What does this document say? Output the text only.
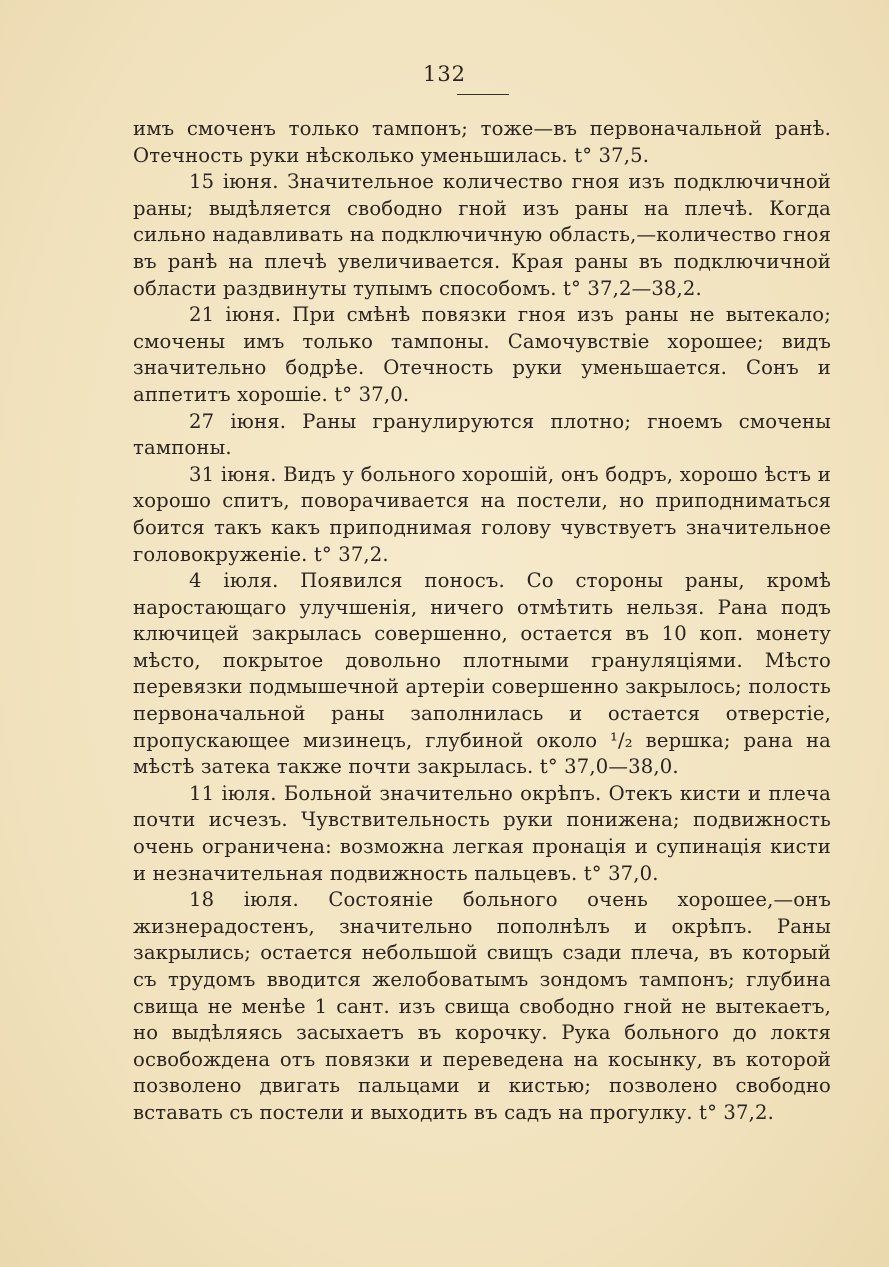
132

имъ смоченъ только тампонъ; тоже—въ первоначальной ранѣ. Отечность руки нѣсколько уменьшилась. t° 37,5.

15 іюня. Значительное количество гноя изъ подключичной раны; выдѣляется свободно гной изъ раны на плечѣ. Когда сильно надавливать на подключичную область,—количество гноя въ ранѣ на плечѣ увеличивается. Края раны въ подключичной области раздвинуты тупымъ способомъ. t° 37,2—38,2.

21 іюня. При смѣнѣ повязки гноя изъ раны не вытекало; смочены имъ только тампоны. Самочувствіе хорошее; видъ значительно бодрѣе. Отечность руки уменьшается. Сонъ и аппетитъ хорошіе. t° 37,0.

27 іюня. Раны гранулируются плотно; гноемъ смочены тампоны.

31 іюня. Видъ у больного хорошій, онъ бодръ, хорошо ѣстъ и хорошо спитъ, поворачивается на постели, но приподниматься боится такъ какъ приподнимая голову чувствуетъ значительное головокруженіе. t° 37,2.

4 іюля. Появился поносъ. Со стороны раны, кромѣ наростающаго улучшенія, ничего отмѣтить нельзя. Рана подъ ключицей закрылась совершенно, остается въ 10 коп. монету мѣсто, покрытое довольно плотными грануляціями. Мѣсто перевязки подмышечной артеріи совершенно закрылось; полость первоначальной раны заполнилась и остается отверстіе, пропускающее мизинецъ, глубиной около ¹/₂ вершка; рана на мѣстѣ затека также почти закрылась. t° 37,0—38,0.

11 іюля. Больной значительно окрѣпъ. Отекъ кисти и плеча почти исчезъ. Чувствительность руки понижена; подвижность очень ограничена: возможна легкая пронація и супинація кисти и незначительная подвижность пальцевъ. t° 37,0.

18 іюля. Состояніе больного очень хорошее,—онъ жизнерадостенъ, значительно пополнѣлъ и окрѣпъ. Раны закрылись; остается небольшой свищъ сзади плеча, въ который съ трудомъ вводится желобоватымъ зондомъ тампонъ; глубина свища не менѣе 1 сант. изъ свища свободно гной не вытекаетъ, но выдѣляясь засыхаетъ въ корочку. Рука больного до локтя освобождена отъ повязки и переведена на косынку, въ которой позволено двигать пальцами и кистью; позволено свободно вставать съ постели и выходить въ садъ на прогулку. t° 37,2.
